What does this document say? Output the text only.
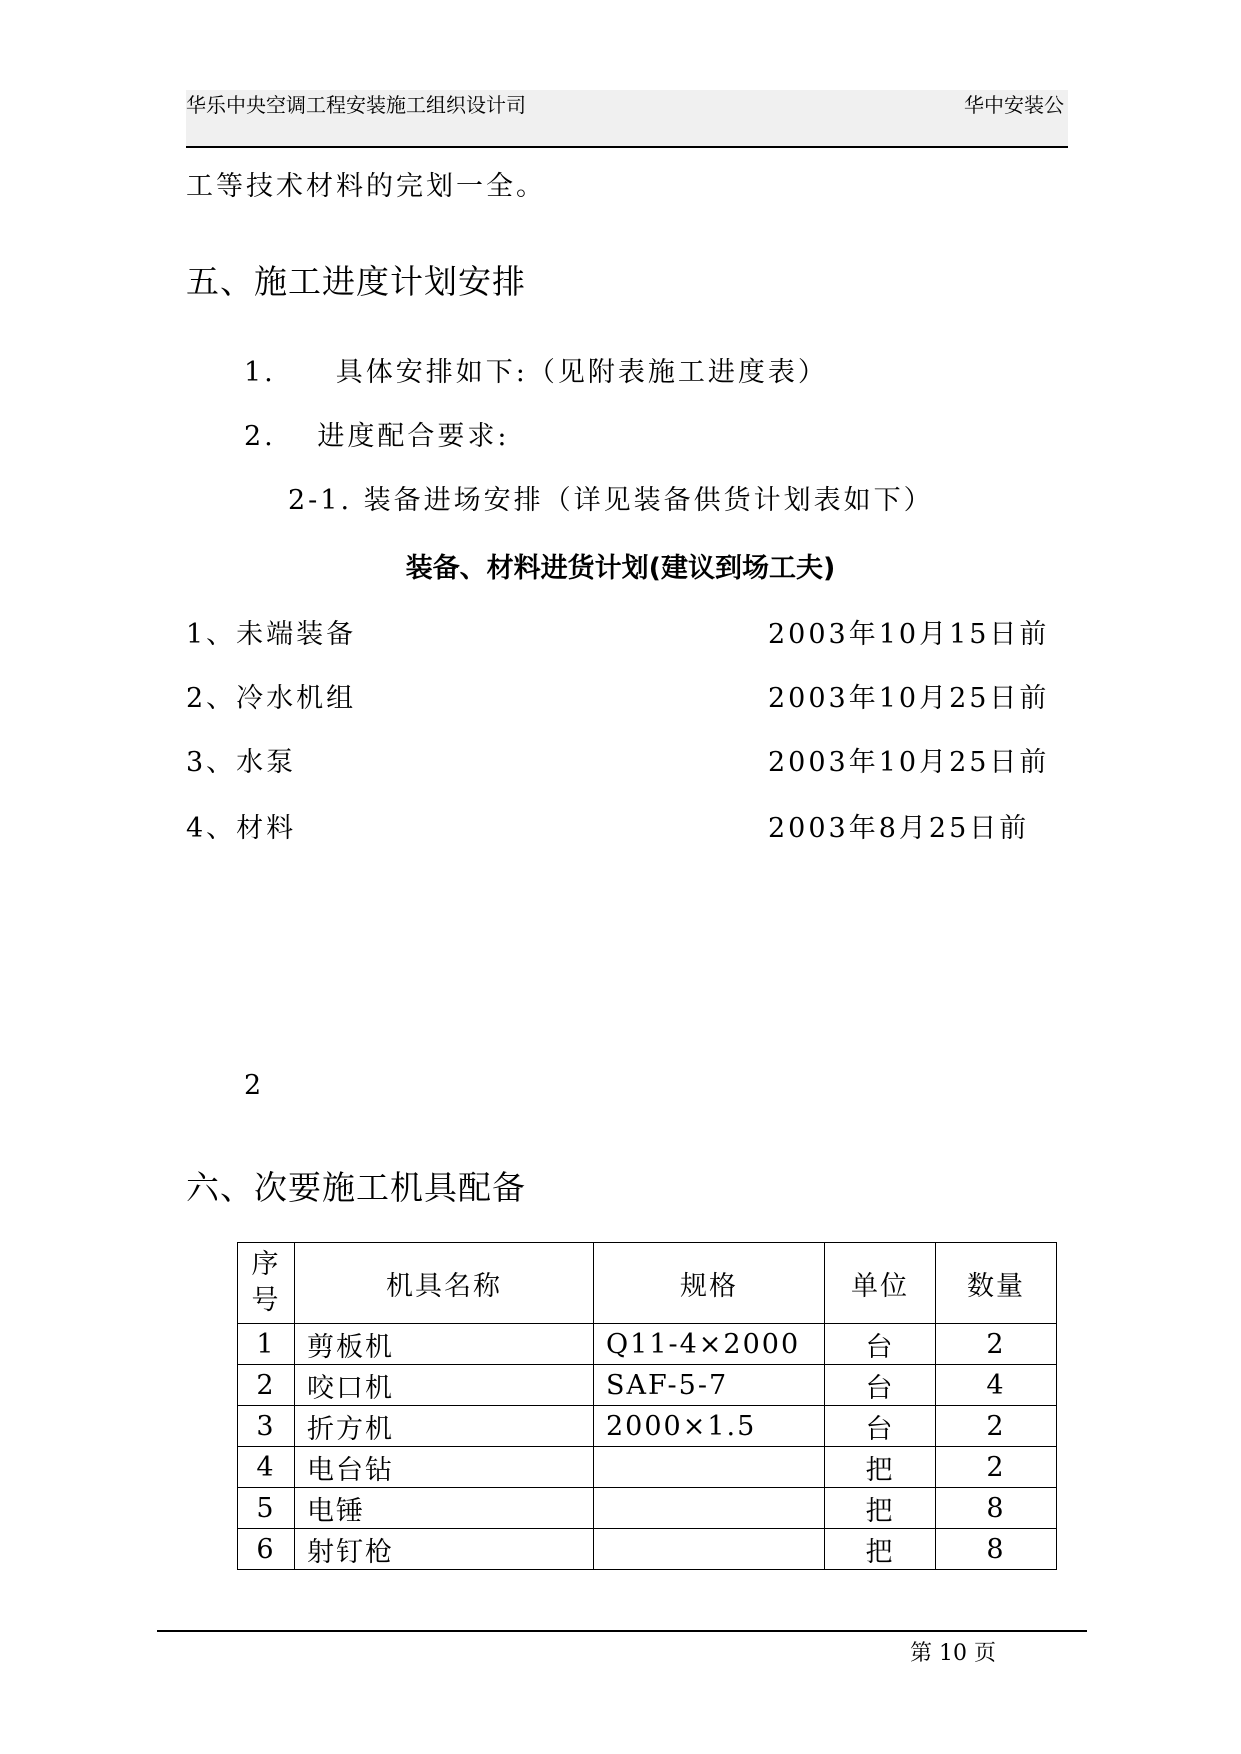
华乐中央空调工程安装施工组织设计司	华中安装公
工等技术材料的完划一全。
五、施工进度计划安排
1.　　具体安排如下:（见附表施工进度表）
2.　 进度配合要求:
2-1. 装备进场安排（详见装备供货计划表如下）
装备、材料进货计划(建议到场工夫)
1、未端装备	2003年10月15日前
2、冷水机组	2003年10月25日前
3、水泵	2003年10月25日前
4、材料	2003年8月25日前
2
六、次要施工机具配备
序
号	机具名称	规格	单位	数量
1	剪板机	Q11-4×2000	台	2
2	咬口机	SAF-5-7	台	4
3	折方机	2000×1.5	台	2
4	电台钻		把	2
5	电锤		把	8
6	射钉枪		把	8
第 10 页
